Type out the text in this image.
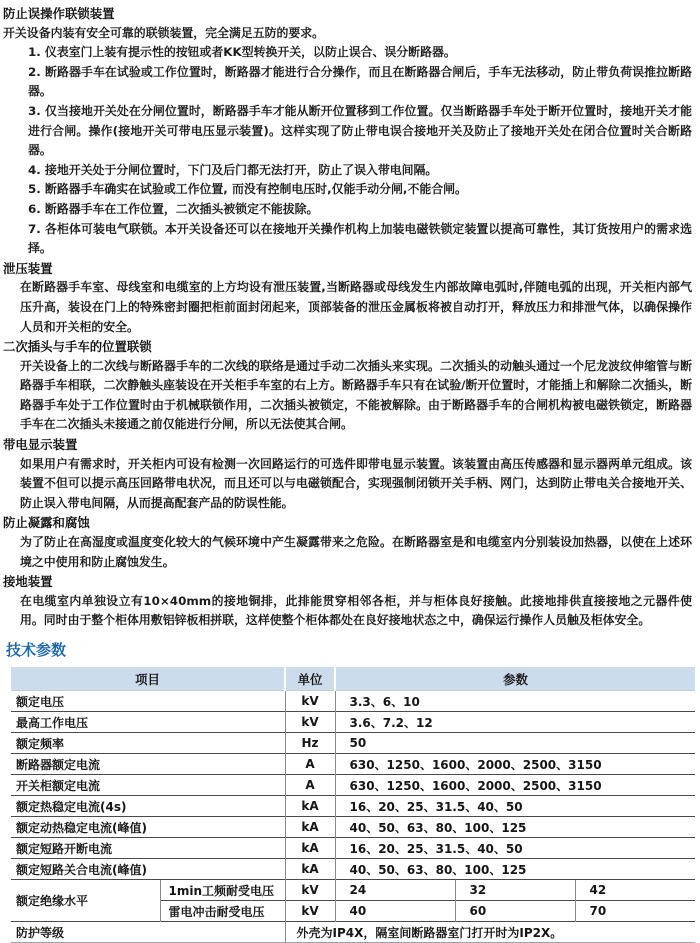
防止误操作联锁装置

开关设备内装有安全可靠的联锁装置，完全满足五防的要求。

1. 仪表室门上装有提示性的按钮或者KK型转换开关，以防止误合、误分断路器。
2. 断路器手车在试验或工作位置时，断路器才能进行合分操作，而且在断路器合闸后，手车无法移动，防止带负荷误推拉断路器。
3. 仅当接地开关处在分闸位置时，断路器手车才能从断开位置移到工作位置。仅当断路器手车处于断开位置时，接地开关才能进行合闸。操作(接地开关可带电压显示装置)。这样实现了防止带电误合接地开关及防止了接地开关处在闭合位置时关合断路器。
4. 接地开关处于分闸位置时，下门及后门都无法打开，防止了误入带电间隔。
5. 断路器手车确实在试验或工作位置, 而没有控制电压时,仅能手动分闸,不能合闸。
6. 断路器手车在工作位置，二次插头被锁定不能拔除。
7. 各柜体可装电气联锁。本开关设备还可以在接地开关操作机构上加装电磁铁锁定装置以提高可靠性，其订货按用户的需求选择。
泄压装置

在断路器手车室、母线室和电缆室的上方均设有泄压装置,当断路器或母线发生内部故障电弧时,伴随电弧的出现，开关柜内部气压升高，装设在门上的特殊密封圈把柜前面封闭起来，顶部装备的泄压金属板将被自动打开，释放压力和排泄气体，以确保操作人员和开关柜的安全。

二次插头与手车的位置联锁

开关设备上的二次线与断路器手车的二次线的联络是通过手动二次插头来实现。二次插头的动触头通过一个尼龙波纹伸缩管与断路器手车相联，二次静触头座装设在开关柜手车室的右上方。断路器手车只有在试验/断开位置时，才能插上和解除二次插头，断路器手车处于工作位置时由于机械联锁作用，二次插头被锁定，不能被解除。由于断路器手车的合闸机构被电磁铁锁定，断路器手车在二次插头未接通之前仅能进行分闸，所以无法使其合闸。

带电显示装置

如果用户有需求时，开关柜内可设有检测一次回路运行的可选件即带电显示装置。该装置由高压传感器和显示器两单元组成。该装置不但可以提示高压回路带电状况，而且还可以与电磁锁配合，实现强制闭锁开关手柄、网门，达到防止带电关合接地开关、防止误入带电间隔，从而提高配套产品的防误性能。

防止凝露和腐蚀

为了防止在高湿度或温度变化较大的气候环境中产生凝露带来之危险。在断路器室是和电缆室内分别装设加热器，以使在上述环境之中使用和防止腐蚀发生。

接地装置

在电缆室内单独设立有10×40mm的接地铜排，此排能贯穿相邻各柜，并与柜体良好接触。此接地排供直接接地之元器件使用。同时由于整个柜体用敷铝锌板相拼联，这样使整个柜体都处在良好接地状态之中，确保运行操作人员触及柜体安全。

技术参数
项目		单位	参数		
额定电压		kV	3.3、6、10		
最高工作电压		kV	3.6、7.2、12		
额定频率		Hz	50		
断路器额定电流		A	630、1250、1600、2000、2500、3150		
开关柜额定电流		A	630、1250、1600、2000、2500、3150		
额定热稳定电流(4s)		kA	16、20、25、31.5、40、50		
额定动热稳定电流(峰值)		kA	40、50、63、80、100、125		
额定短路开断电流		kA	16、20、25、31.5、40、50		
额定短路关合电流(峰值)		kA	40、50、63、80、100、125		
额定绝缘水平	1min工频耐受电压	kV	24	32	42
	雷电冲击耐受电压	kV	40	60	70
防护等级		外壳为IP4X，隔室间断路器室门打开时为IP2X。			
